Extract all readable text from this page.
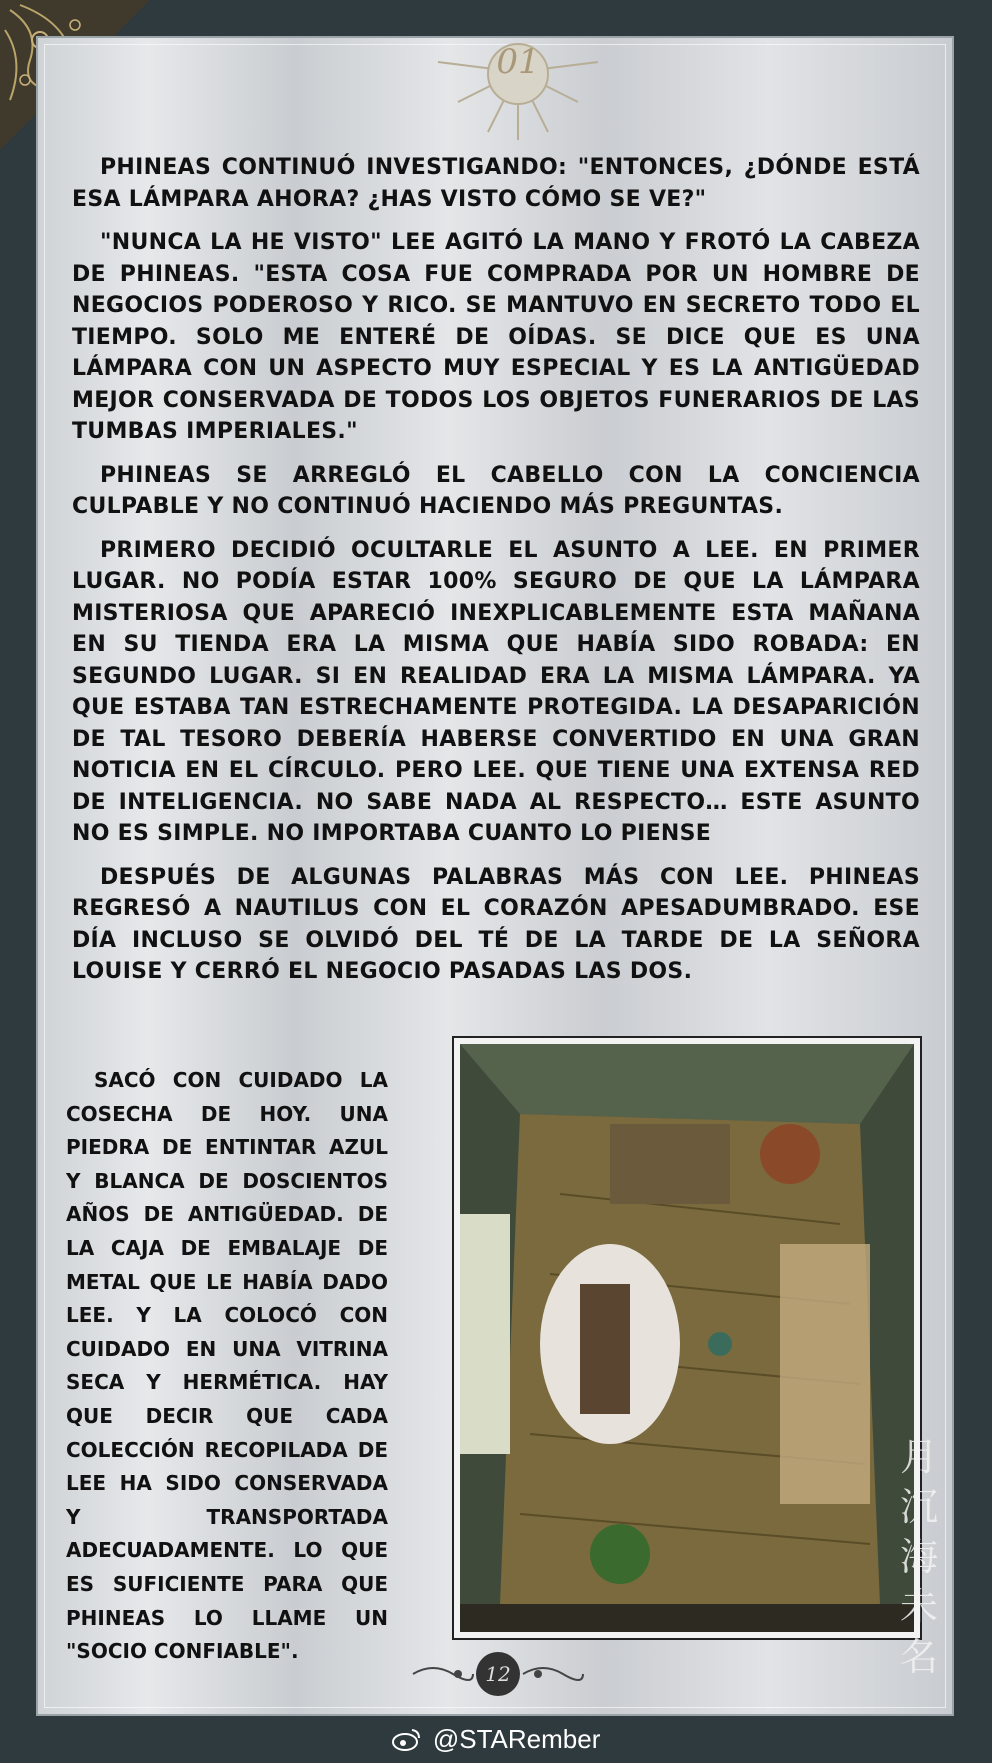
01

PHINEAS CONTINUÓ INVESTIGANDO: "ENTONCES, ¿DÓNDE ESTÁ ESA LÁMPARA AHORA? ¿HAS VISTO CÓMO SE VE?"

"NUNCA LA HE VISTO" LEE AGITÓ LA MANO Y FROTÓ LA CABEZA DE PHINEAS. "ESTA COSA FUE COMPRADA POR UN HOMBRE DE NEGOCIOS PODEROSO Y RICO. SE MANTUVO EN SECRETO TODO EL TIEMPO. SOLO ME ENTERÉ DE OÍDAS. SE DICE QUE ES UNA LÁMPARA CON UN ASPECTO MUY ESPECIAL Y ES LA ANTIGÜEDAD MEJOR CONSERVADA DE TODOS LOS OBJETOS FUNERARIOS DE LAS TUMBAS IMPERIALES."

PHINEAS SE ARREGLÓ EL CABELLO CON LA CONCIENCIA CULPABLE Y NO CONTINUÓ HACIENDO MÁS PREGUNTAS.

PRIMERO DECIDIÓ OCULTARLE EL ASUNTO A LEE. EN PRIMER LUGAR. NO PODÍA ESTAR 100% SEGURO DE QUE LA LÁMPARA MISTERIOSA QUE APARECIÓ INEXPLICABLEMENTE ESTA MAÑANA EN SU TIENDA ERA LA MISMA QUE HABÍA SIDO ROBADA: EN SEGUNDO LUGAR. SI EN REALIDAD ERA LA MISMA LÁMPARA. YA QUE ESTABA TAN ESTRECHAMENTE PROTEGIDA. LA DESAPARICIÓN DE TAL TESORO DEBERÍA HABERSE CONVERTIDO EN UNA GRAN NOTICIA EN EL CÍRCULO. PERO LEE. QUE TIENE UNA EXTENSA RED DE INTELIGENCIA. NO SABE NADA AL RESPECTO… ESTE ASUNTO NO ES SIMPLE. NO IMPORTABA CUANTO LO PIENSE

DESPUÉS DE ALGUNAS PALABRAS MÁS CON LEE. PHINEAS REGRESÓ A NAUTILUS CON EL CORAZÓN APESADUMBRADO. ESE DÍA INCLUSO SE OLVIDÓ DEL TÉ DE LA TARDE DE LA SEÑORA LOUISE Y CERRÓ EL NEGOCIO PASADAS LAS DOS.

SACÓ CON CUIDADO LA COSECHA DE HOY. UNA PIEDRA DE ENTINTAR AZUL Y BLANCA DE DOSCIENTOS AÑOS DE ANTIGÜEDAD. DE LA CAJA DE EMBALAJE DE METAL QUE LE HABÍA DADO LEE. Y LA COLOCÓ CON CUIDADO EN UNA VITRINA SECA Y HERMÉTICA. HAY QUE DECIR QUE CADA COLECCIÓN RECOPILADA DE LEE HA SIDO CONSERVADA Y TRANSPORTADA ADECUADAMENTE. LO QUE ES SUFICIENTE PARA QUE PHINEAS LO LLAME UN "SOCIO CONFIABLE".

12
月
沉
海
未
名
@STARember
